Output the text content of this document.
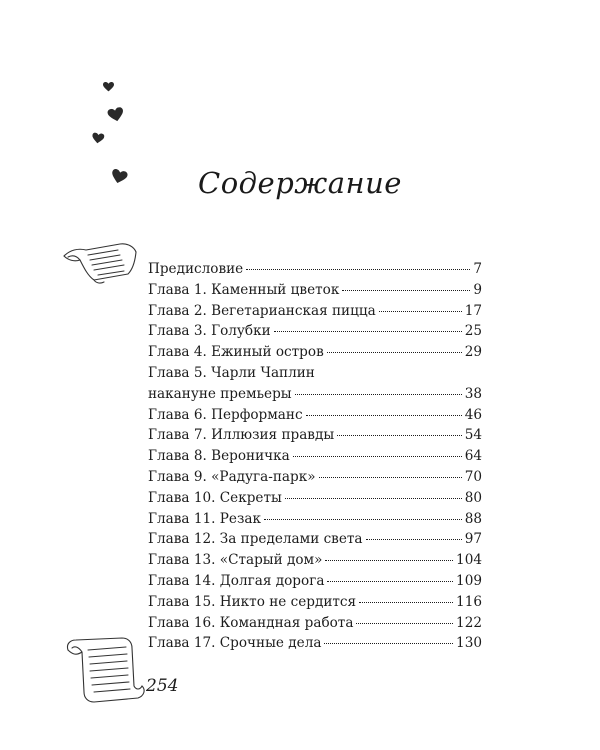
Содержание
Предисловие	7
Глава 1. Каменный цветок	9
Глава 2. Вегетарианская пицца	17
Глава 3. Голубки	25
Глава 4. Ежиный остров	29
Глава 5. Чарли Чаплин
накануне премьеры	38
Глава 6. Перформанс	46
Глава 7. Иллюзия правды	54
Глава 8. Вероничка	64
Глава 9. «Радуга-парк»	70
Глава 10. Секреты	80
Глава 11. Резак	88
Глава 12. За пределами света	97
Глава 13. «Старый дом»	104
Глава 14. Долгая дорога	109
Глава 15. Никто не сердится	116
Глава 16. Командная работа	122
Глава 17. Срочные дела	130
254
